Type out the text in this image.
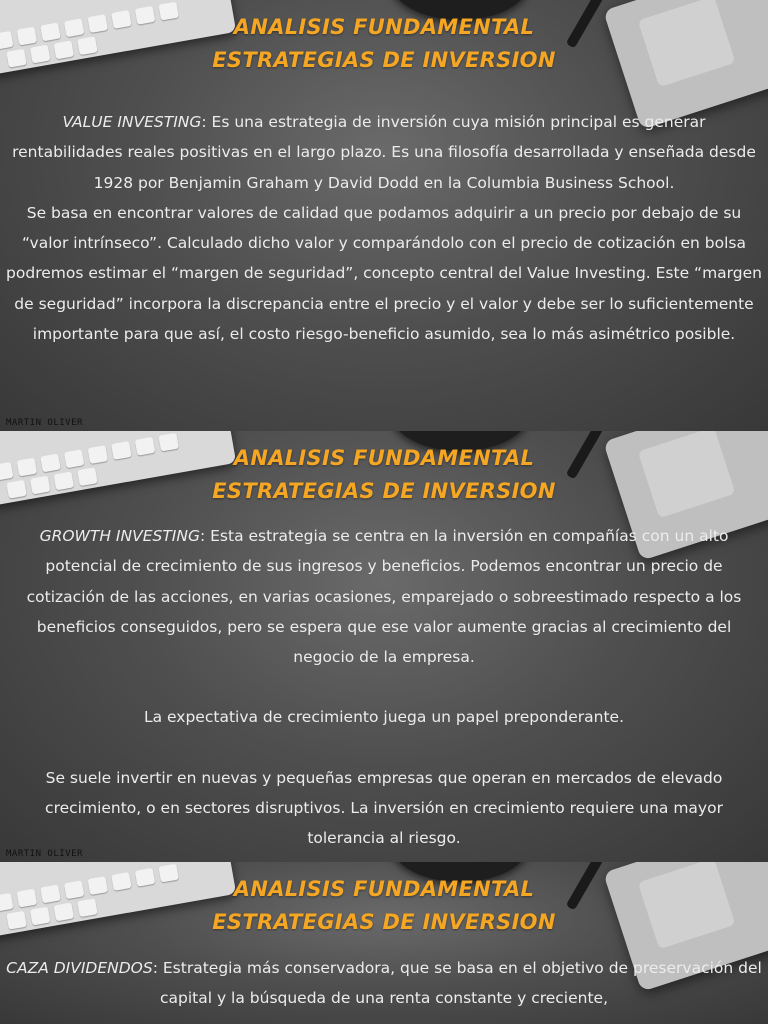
ANALISIS FUNDAMENTAL
ESTRATEGIAS DE INVERSION

VALUE INVESTING: Es una estrategia de inversión cuya misión principal es generar rentabilidades reales positivas en el largo plazo. Es una filosofía desarrollada y enseñada desde 1928 por Benjamin Graham y David Dodd en la Columbia Business School.

Se basa en encontrar valores de calidad que podamos adquirir a un precio por debajo de su “valor intrínseco”. Calculado dicho valor y comparándolo con el precio de cotización en bolsa podremos estimar el “margen de seguridad”, concepto central del Value Investing. Este “margen de seguridad” incorpora la discrepancia entre el precio y el valor y debe ser lo suficientemente importante para que así, el costo riesgo-beneficio asumido, sea lo más asimétrico posible.

MARTIN OLIVER
ANALISIS FUNDAMENTAL
ESTRATEGIAS DE INVERSION

GROWTH INVESTING: Esta estrategia se centra en la inversión en compañías con un alto potencial de crecimiento de sus ingresos y beneficios. Podemos encontrar un precio de cotización de las acciones, en varias ocasiones, emparejado o sobreestimado respecto a los beneficios conseguidos, pero se espera que ese valor aumente gracias al crecimiento del negocio de la empresa.

La expectativa de crecimiento juega un papel preponderante.

Se suele invertir en nuevas y pequeñas empresas que operan en mercados de elevado crecimiento, o en sectores disruptivos. La inversión en crecimiento requiere una mayor tolerancia al riesgo.

MARTIN OLIVER
ANALISIS FUNDAMENTAL
ESTRATEGIAS DE INVERSION

CAZA DIVIDENDOS: Estrategia más conservadora, que se basa en el objetivo de preservación del capital y la búsqueda de una renta constante y creciente,
